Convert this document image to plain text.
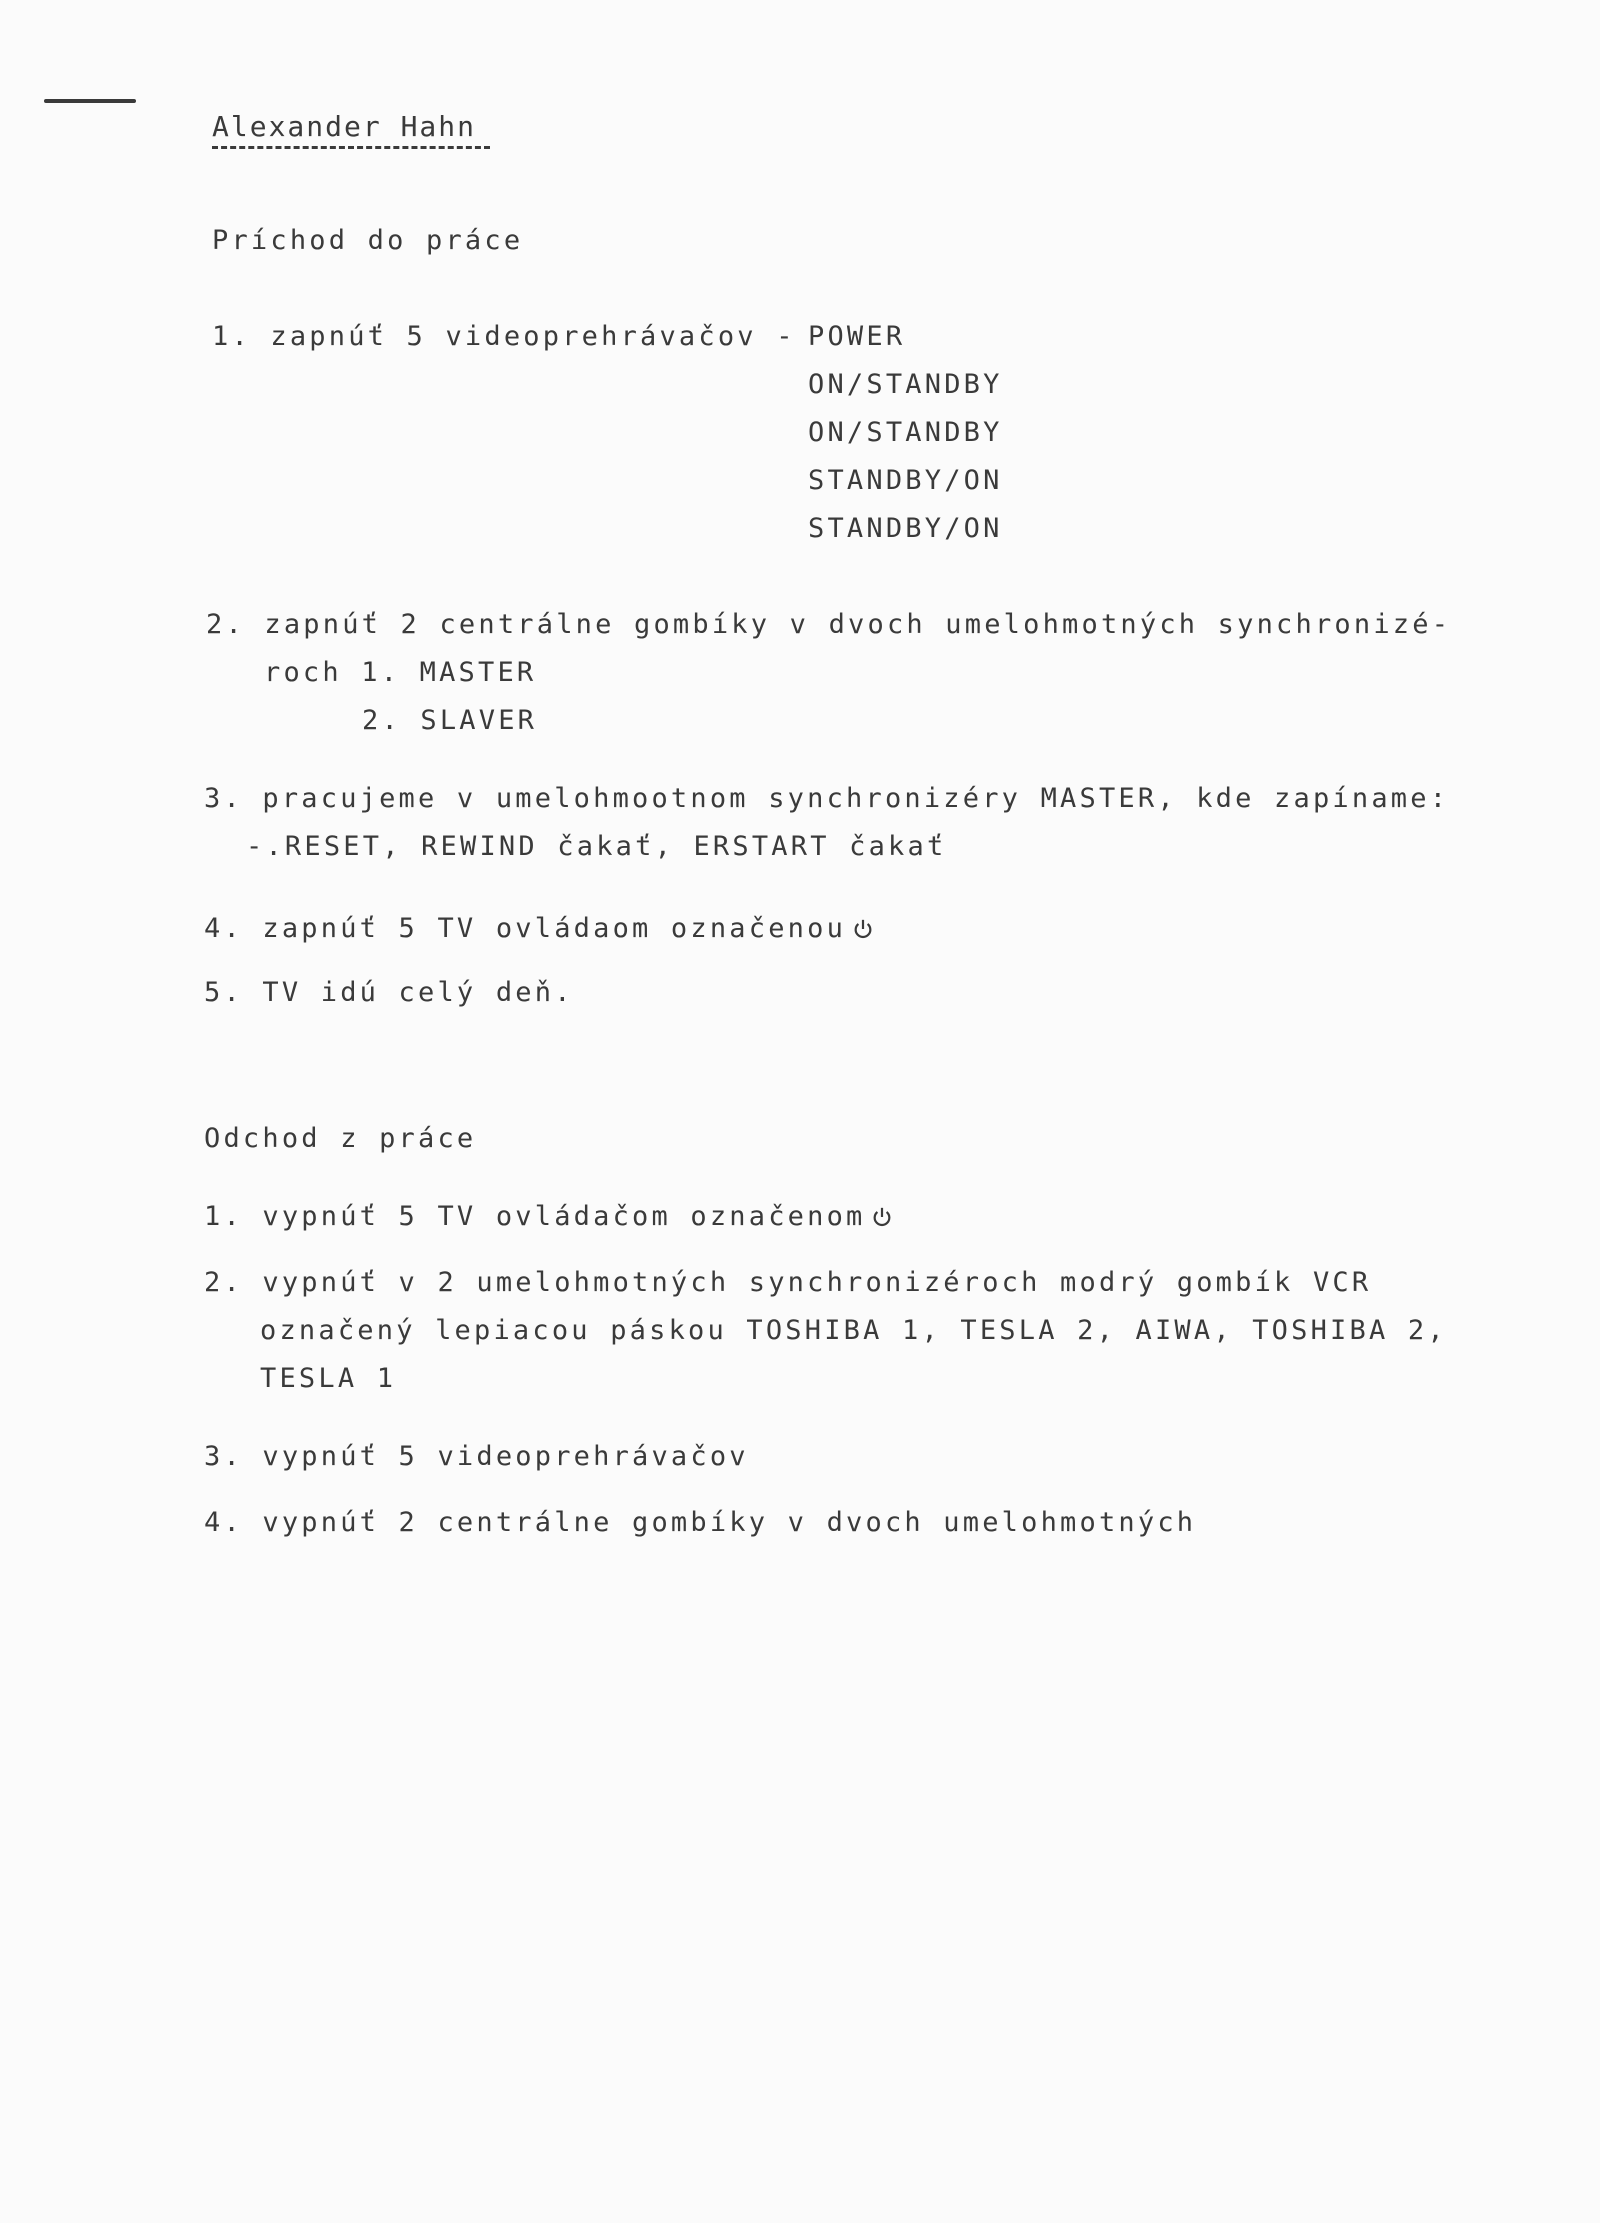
Alexander Hahn
Príchod do práce
1. zapnúť 5 videoprehrávačov - POWER
ON/STANDBY
ON/STANDBY
STANDBY/ON
STANDBY/ON
2. zapnúť 2 centrálne gombíky v dvoch umelohmotných synchronizé-
roch 1. MASTER
2. SLAVER
3. pracujeme v umelohmootnom synchronizéry MASTER, kde zapíname:
-.RESET, REWIND čakať, ERSTART čakať
4. zapnúť 5 TV ovládaom označenou
5. TV idú celý deň.
Odchod z práce
1. vypnúť 5 TV ovládačom označenom
2. vypnúť v 2 umelohmotných synchronizéroch modrý gombík VCR
označený lepiacou páskou TOSHIBA 1, TESLA 2, AIWA, TOSHIBA 2,
TESLA 1
3. vypnúť 5 videoprehrávačov
4. vypnúť 2 centrálne gombíky v dvoch umelohmotných
